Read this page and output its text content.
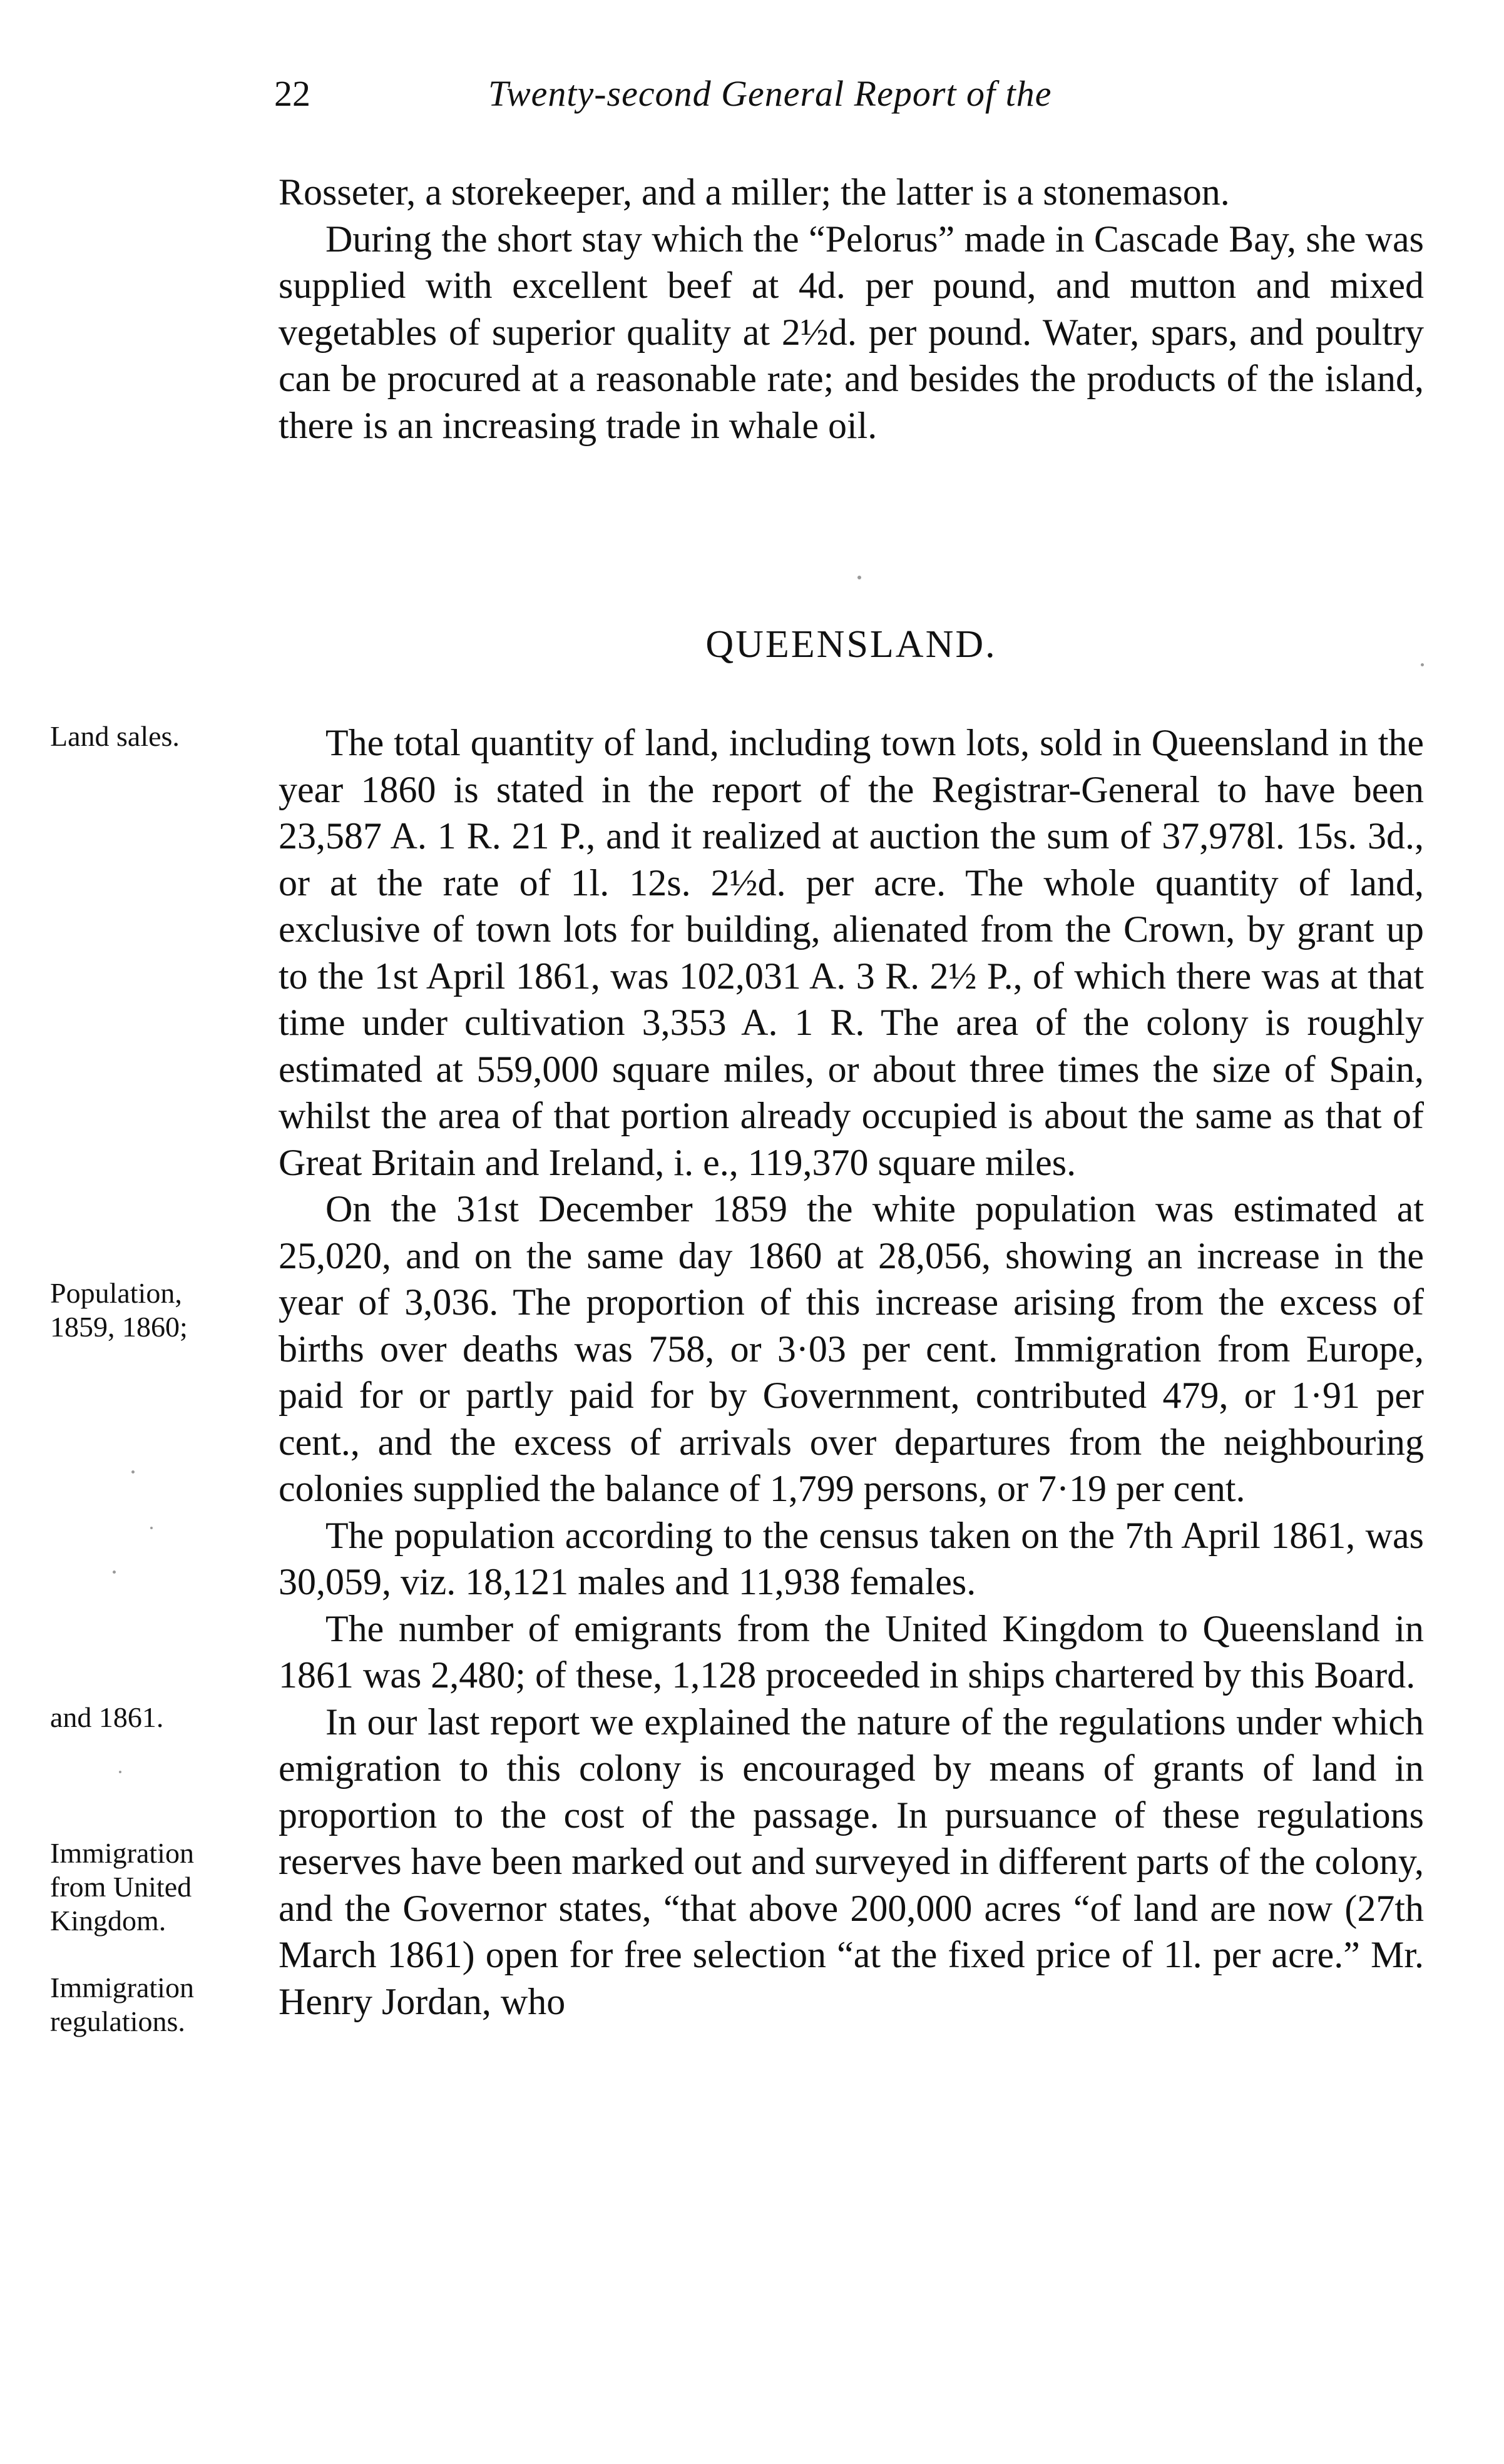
22	Twenty-second General Report of the

Rosseter, a storekeeper, and a miller; the latter is a stonemason.

During the short stay which the “Pelorus” made in Cascade Bay, she was supplied with excellent beef at 4d. per pound, and mutton and mixed vegetables of superior quality at 2½d. per pound. Water, spars, and poultry can be procured at a reasonable rate; and besides the products of the island, there is an increasing trade in whale oil.

QUEENSLAND.

The total quantity of land, including town lots, sold in Queensland in the year 1860 is stated in the report of the Registrar-General to have been 23,587 A. 1 R. 21 P., and it realized at auction the sum of 37,978l. 15s. 3d., or at the rate of 1l. 12s. 2½d. per acre. The whole quantity of land, exclusive of town lots for building, alienated from the Crown, by grant up to the 1st April 1861, was 102,031 A. 3 R. 2½ P., of which there was at that time under cultivation 3,353 A. 1 R. The area of the colony is roughly estimated at 559,000 square miles, or about three times the size of Spain, whilst the area of that portion already occupied is about the same as that of Great Britain and Ireland, i. e., 119,370 square miles.

On the 31st December 1859 the white population was estimated at 25,020, and on the same day 1860 at 28,056, showing an increase in the year of 3,036. The proportion of this increase arising from the excess of births over deaths was 758, or 3·03 per cent. Immigration from Europe, paid for or partly paid for by Government, contributed 479, or 1·91 per cent., and the excess of arrivals over departures from the neighbouring colonies supplied the balance of 1,799 persons, or 7·19 per cent.

The population according to the census taken on the 7th April 1861, was 30,059, viz. 18,121 males and 11,938 females.

The number of emigrants from the United Kingdom to Queensland in 1861 was 2,480; of these, 1,128 proceeded in ships chartered by this Board.

In our last report we explained the nature of the regulations under which emigration to this colony is encouraged by means of grants of land in proportion to the cost of the passage. In pursuance of these regulations reserves have been marked out and surveyed in different parts of the colony, and the Governor states, “that above 200,000 acres “of land are now (27th March 1861) open for free selection “at the fixed price of 1l. per acre.” Mr. Henry Jordan, who

Land sales.
Population, 1859, 1860;
and 1861.
Immigration from United Kingdom.
Immigration regulations.
